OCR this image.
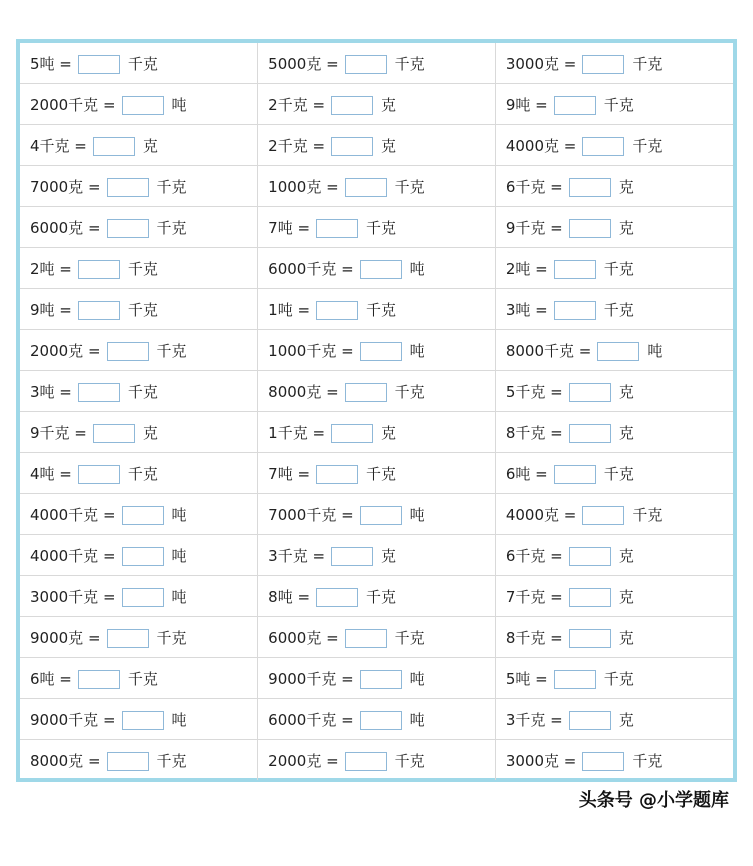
5吨 = 千克	5000克 = 千克	3000克 = 千克
2000千克 = 吨	2千克 = 克	9吨 = 千克
4千克 = 克	2千克 = 克	4000克 = 千克
7000克 = 千克	1000克 = 千克	6千克 = 克
6000克 = 千克	7吨 = 千克	9千克 = 克
2吨 = 千克	6000千克 = 吨	2吨 = 千克
9吨 = 千克	1吨 = 千克	3吨 = 千克
2000克 = 千克	1000千克 = 吨	8000千克 = 吨
3吨 = 千克	8000克 = 千克	5千克 = 克
9千克 = 克	1千克 = 克	8千克 = 克
4吨 = 千克	7吨 = 千克	6吨 = 千克
4000千克 = 吨	7000千克 = 吨	4000克 = 千克
4000千克 = 吨	3千克 = 克	6千克 = 克
3000千克 = 吨	8吨 = 千克	7千克 = 克
9000克 = 千克	6000克 = 千克	8千克 = 克
6吨 = 千克	9000千克 = 吨	5吨 = 千克
9000千克 = 吨	6000千克 = 吨	3千克 = 克
8000克 = 千克	2000克 = 千克	3000克 = 千克
头条号 @小学题库
